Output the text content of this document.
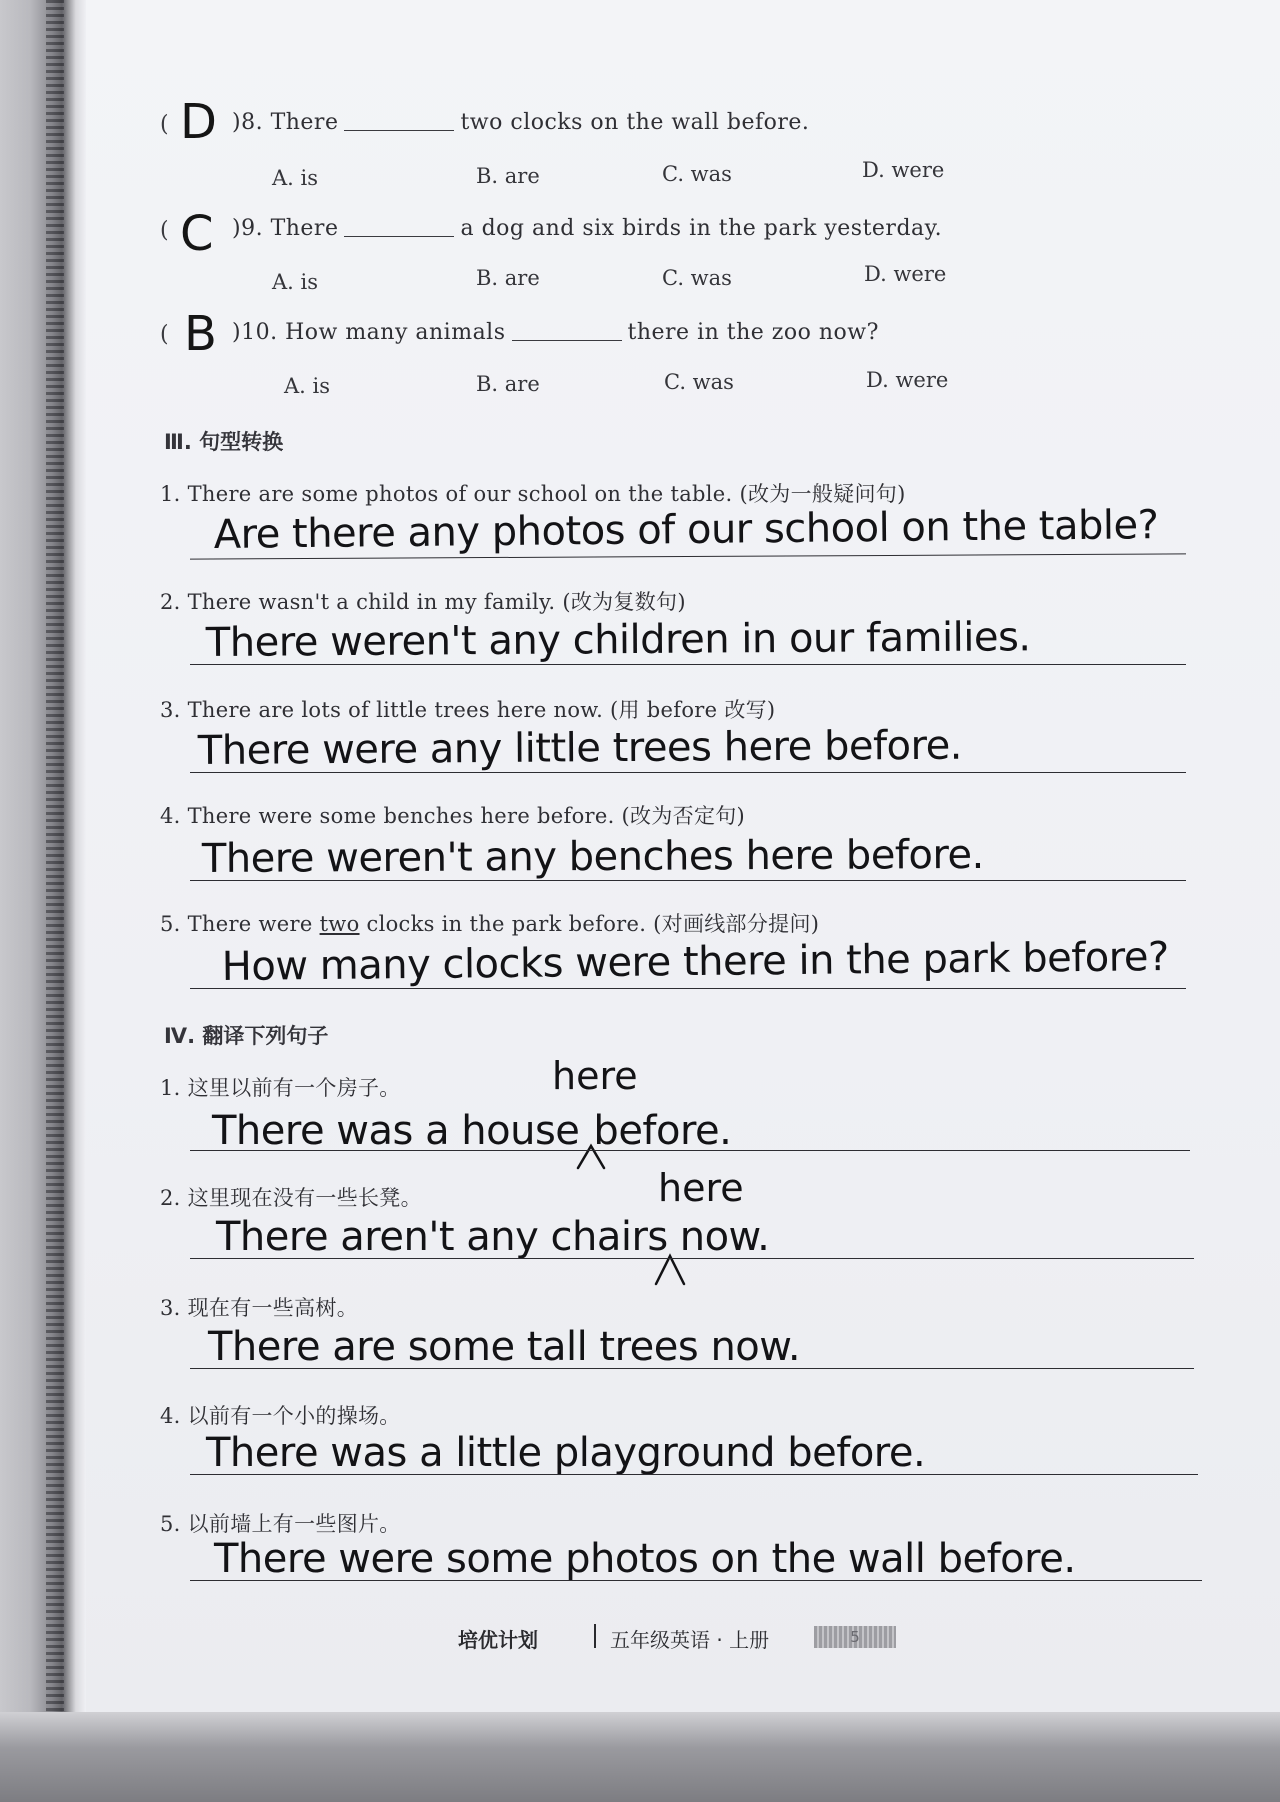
( D )8. There	two clocks on the wall before.
A. is	B. are	C. was	D. were
( C )9. There	a dog and six birds in the park yesterday.
A. is	B. are	C. was	D. were
( B )10. How many animals	there in the zoo now?
A. is	B. are	C. was	D. were
Ⅲ. 句型转换
1. There are some photos of our school on the table. (改为一般疑问句)
Are there any photos of our school on the table?
2. There wasn't a child in my family. (改为复数句)
There weren't any children in our families.
3. There are lots of little trees here now. (用 before 改写)
There were any little trees here before.
4. There were some benches here before. (改为否定句)
There weren't any benches here before.
5. There were two clocks in the park before. (对画线部分提问)
How many clocks were there in the park before?
Ⅳ. 翻译下列句子
1. 这里以前有一个房子。	here
There was a house before.
2. 这里现在没有一些长凳。	here
There aren't any chairs now.
3. 现在有一些高树。
There are some tall trees now.
4. 以前有一个小的操场。
There was a little playground before.
5. 以前墙上有一些图片。
There were some photos on the wall before.
培优计划	五年级英语 · 上册	5
